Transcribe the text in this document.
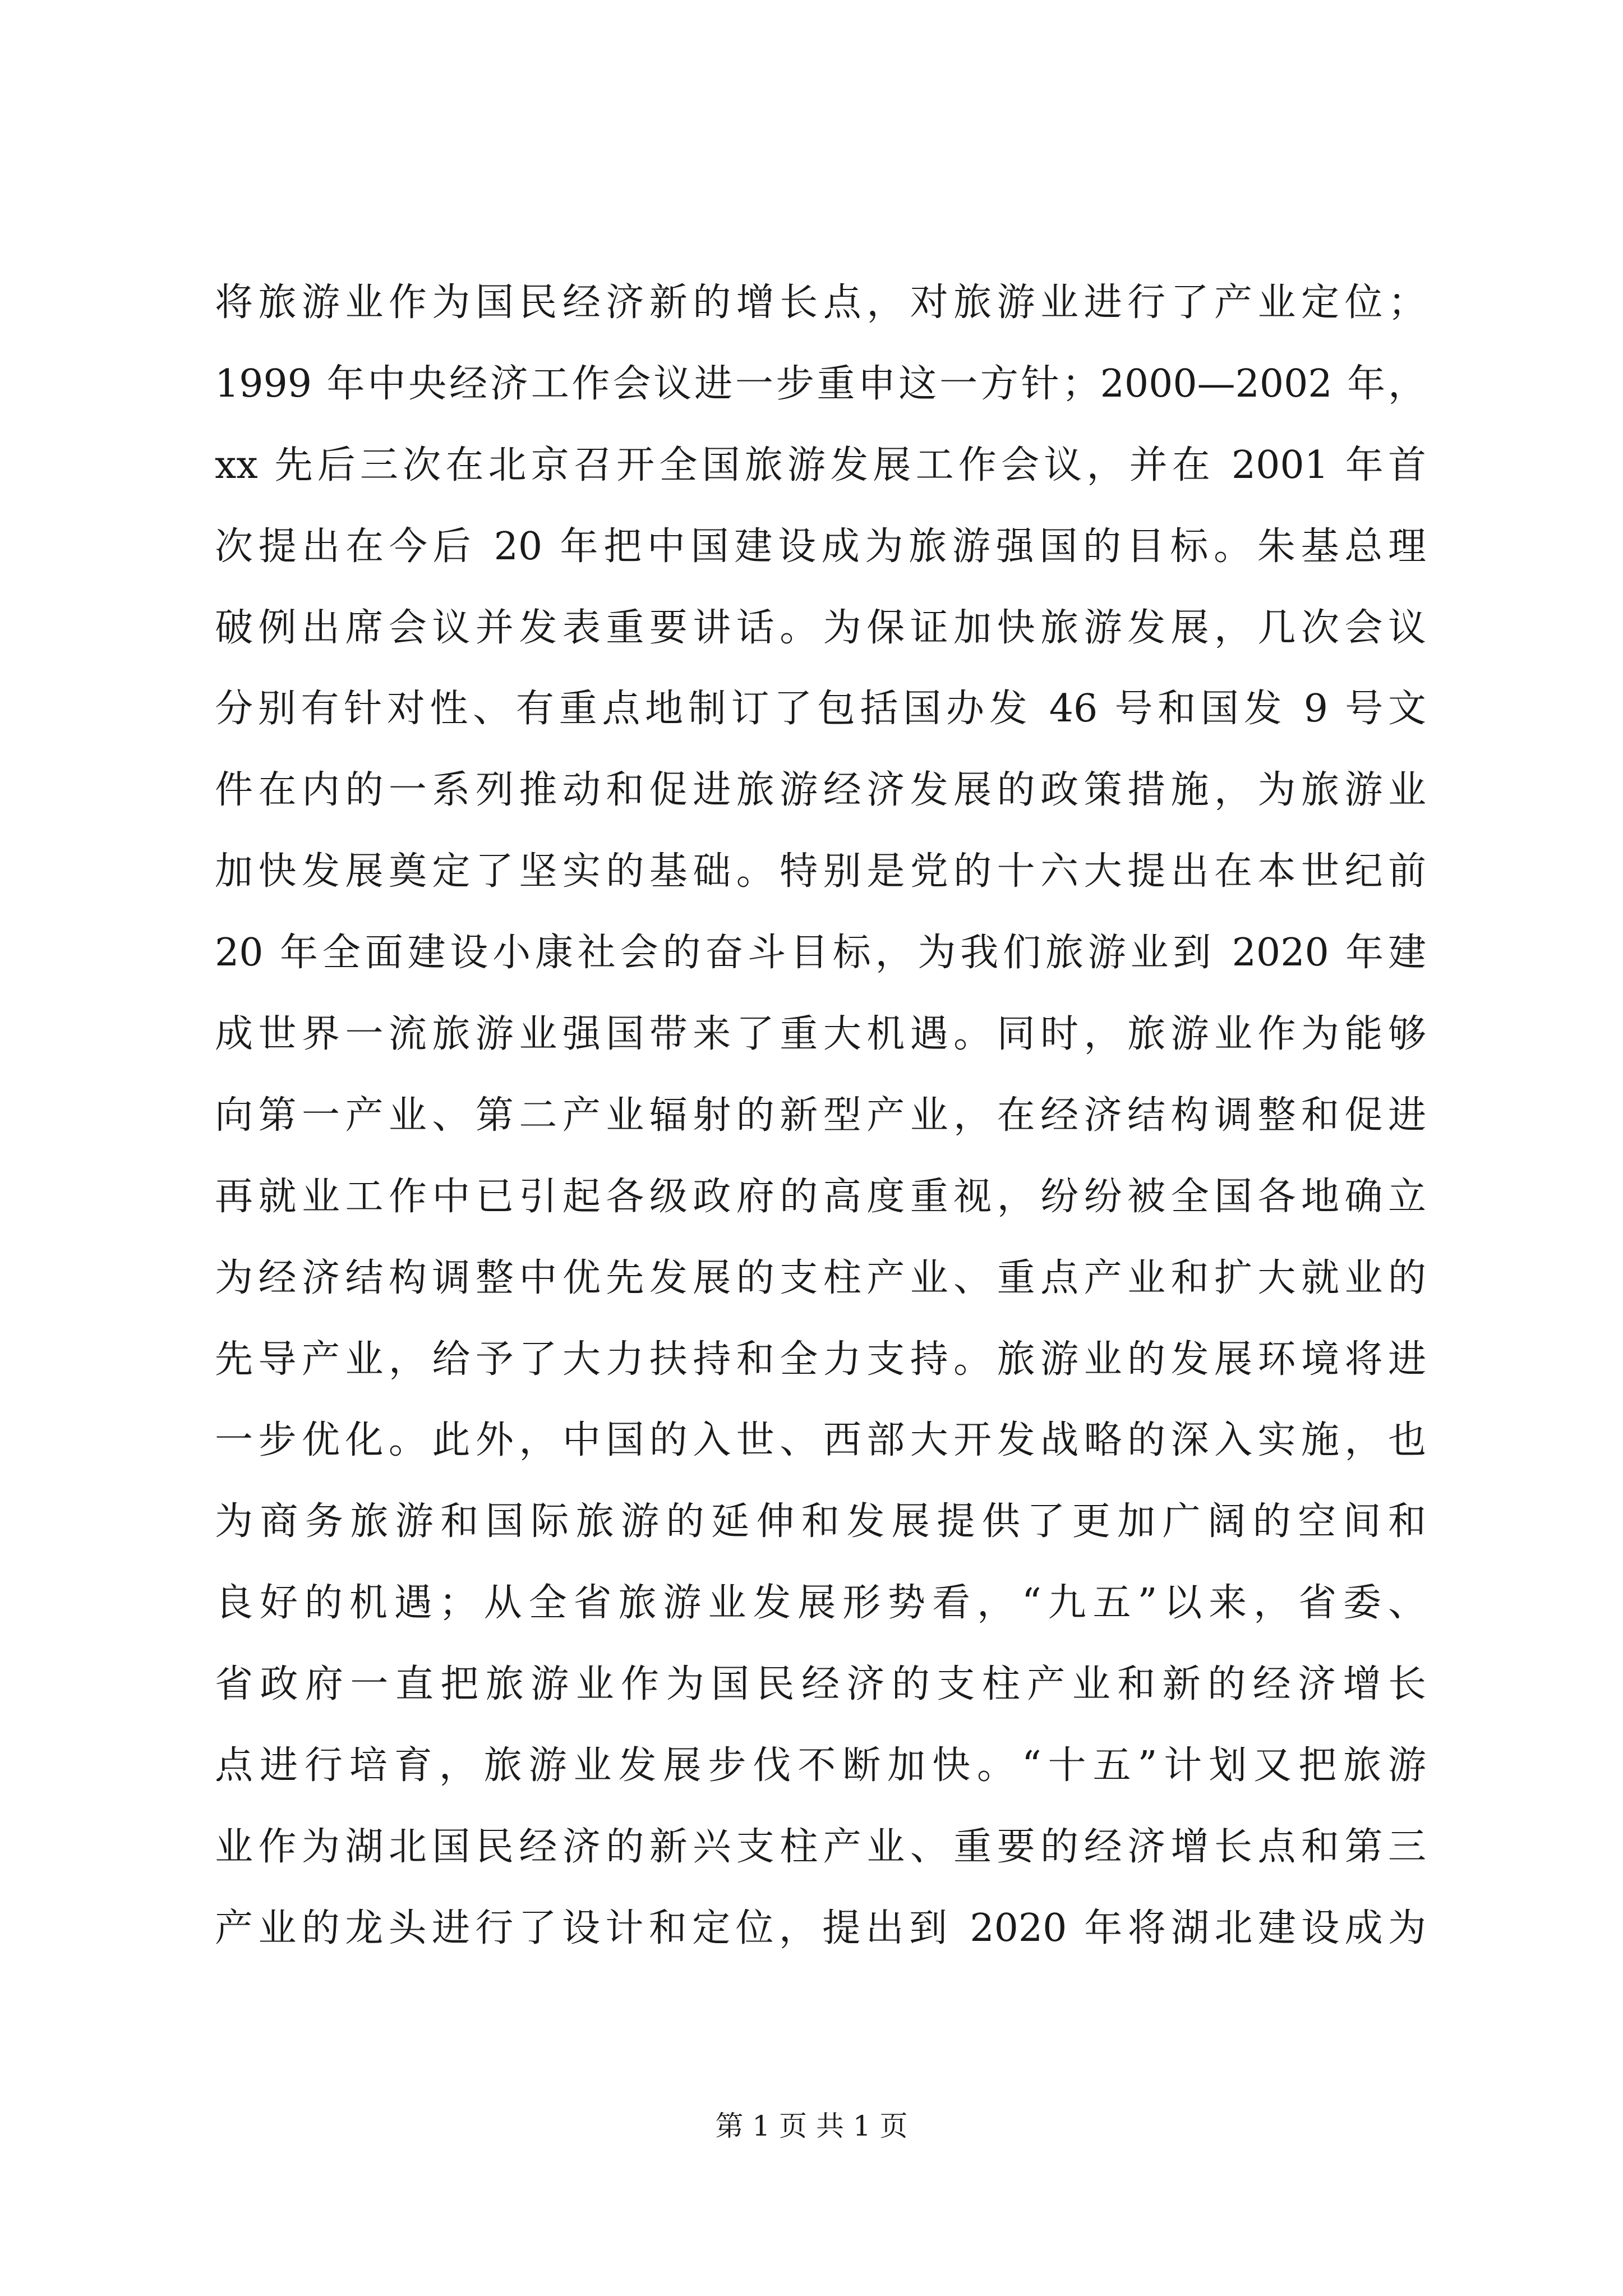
将旅游业作为国民经济新的增长点，对旅游业进行了产业定位；
1999 年中央经济工作会议进一步重申这一方针；2000—2002 年，
xx 先后三次在北京召开全国旅游发展工作会议，并在 2001 年首
次提出在今后 20 年把中国建设成为旅游强国的目标。朱基总理
破例出席会议并发表重要讲话。为保证加快旅游发展，几次会议
分别有针对性、有重点地制订了包括国办发 46 号和国发 9 号文
件在内的一系列推动和促进旅游经济发展的政策措施，为旅游业
加快发展奠定了坚实的基础。特别是党的十六大提出在本世纪前
20 年全面建设小康社会的奋斗目标，为我们旅游业到 2020 年建
成世界一流旅游业强国带来了重大机遇。同时，旅游业作为能够
向第一产业、第二产业辐射的新型产业，在经济结构调整和促进
再就业工作中已引起各级政府的高度重视，纷纷被全国各地确立
为经济结构调整中优先发展的支柱产业、重点产业和扩大就业的
先导产业，给予了大力扶持和全力支持。旅游业的发展环境将进
一步优化。此外，中国的入世、西部大开发战略的深入实施，也
为商务旅游和国际旅游的延伸和发展提供了更加广阔的空间和
良好的机遇；从全省旅游业发展形势看，“九五”以来，省委、
省政府一直把旅游业作为国民经济的支柱产业和新的经济增长
点进行培育，旅游业发展步伐不断加快。“十五”计划又把旅游
业作为湖北国民经济的新兴支柱产业、重要的经济增长点和第三
产业的龙头进行了设计和定位，提出到 2020 年将湖北建设成为
第 1 页 共 1 页
